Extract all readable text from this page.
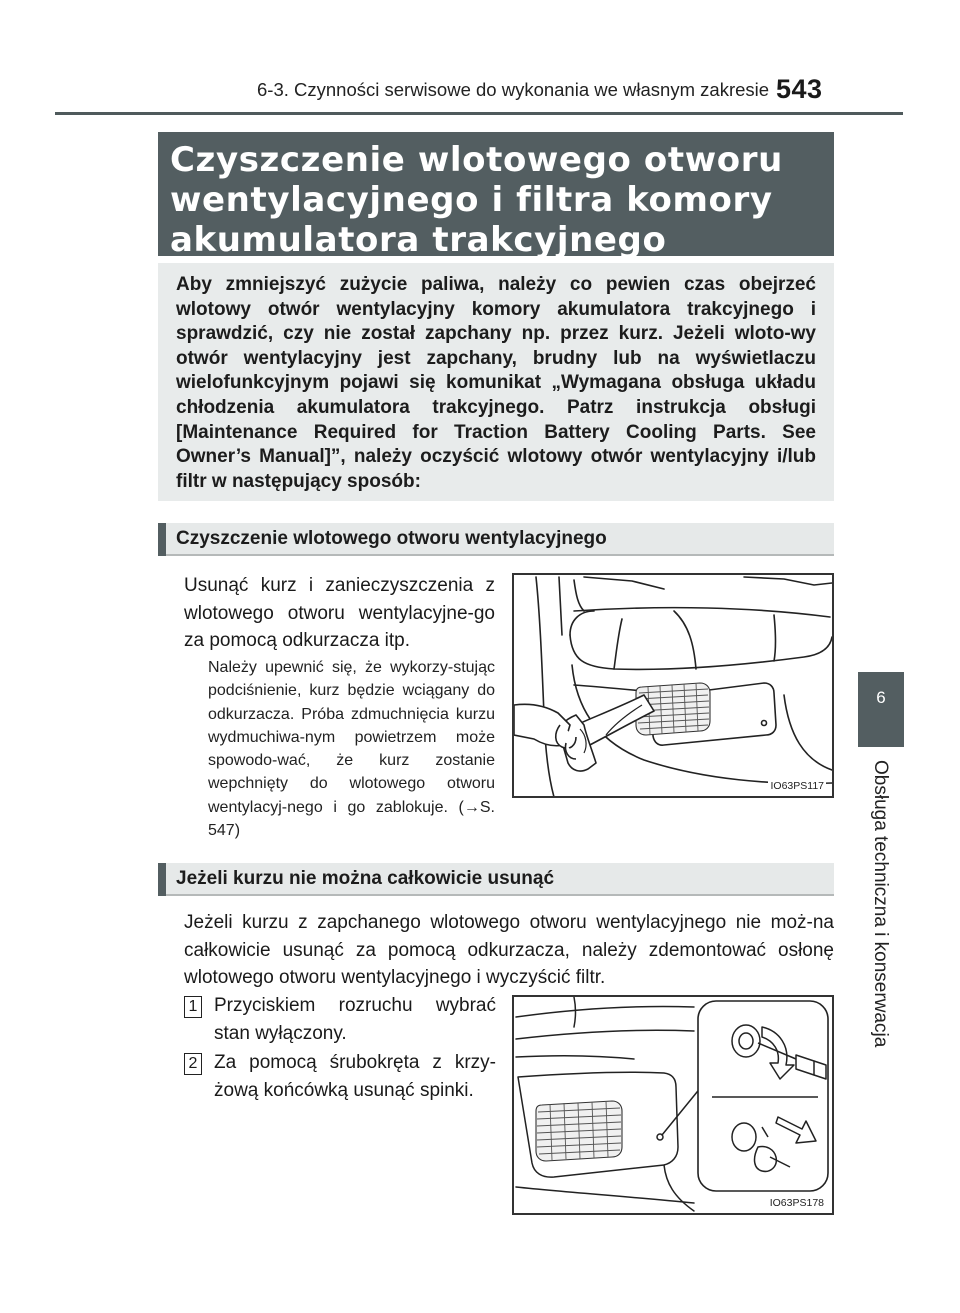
6-3. Czynności serwisowe do wykonania we własnym zakresie 543
6
Obsługa techniczna i konserwacja
Czyszczenie wlotowego otworu
wentylacyjnego i filtra komory
akumulatora trakcyjnego

Aby zmniejszyć zużycie paliwa, należy co pewien czas obejrzeć wlotowy otwór wentylacyjny komory akumulatora trakcyjnego i sprawdzić, czy nie został zapchany np. przez kurz. Jeżeli wloto-wy otwór wentylacyjny jest zapchany, brudny lub na wyświetlaczu wielofunkcyjnym pojawi się komunikat „Wymagana obsługa układu chłodzenia akumulatora trakcyjnego. Patrz instrukcja obsługi [Maintenance Required for Traction Battery Cooling Parts. See Owner’s Manual]”, należy oczyścić wlotowy otwór wentylacyjny i/lub filtr w następujący sposób:

Czyszczenie wlotowego otworu wentylacyjnego

Usunąć kurz i zanieczyszczenia z wlotowego otworu wentylacyjne-go za pomocą odkurzacza itp.

Należy upewnić się, że wykorzy-stując podciśnienie, kurz będzie wciągany do odkurzacza. Próba zdmuchnięcia kurzu wydmuchiwa-nym powietrzem może spowodo-wać, że kurz zostanie wepchnięty do wlotowego otworu wentylacyj-nego i go zablokuje. (→S. 547)

IO63PS117
Jeżeli kurzu nie można całkowicie usunąć

Jeżeli kurzu z zapchanego wlotowego otworu wentylacyjnego nie moż-na całkowicie usunąć za pomocą odkurzacza, należy zdemontować osłonę wlotowego otworu wentylacyjnego i wyczyścić filtr.

1 Przyciskiem rozruchu wybrać stan wyłączony.

2 Za pomocą śrubokręta z krzy-żową końcówką usunąć spinki.

IO63PS178
